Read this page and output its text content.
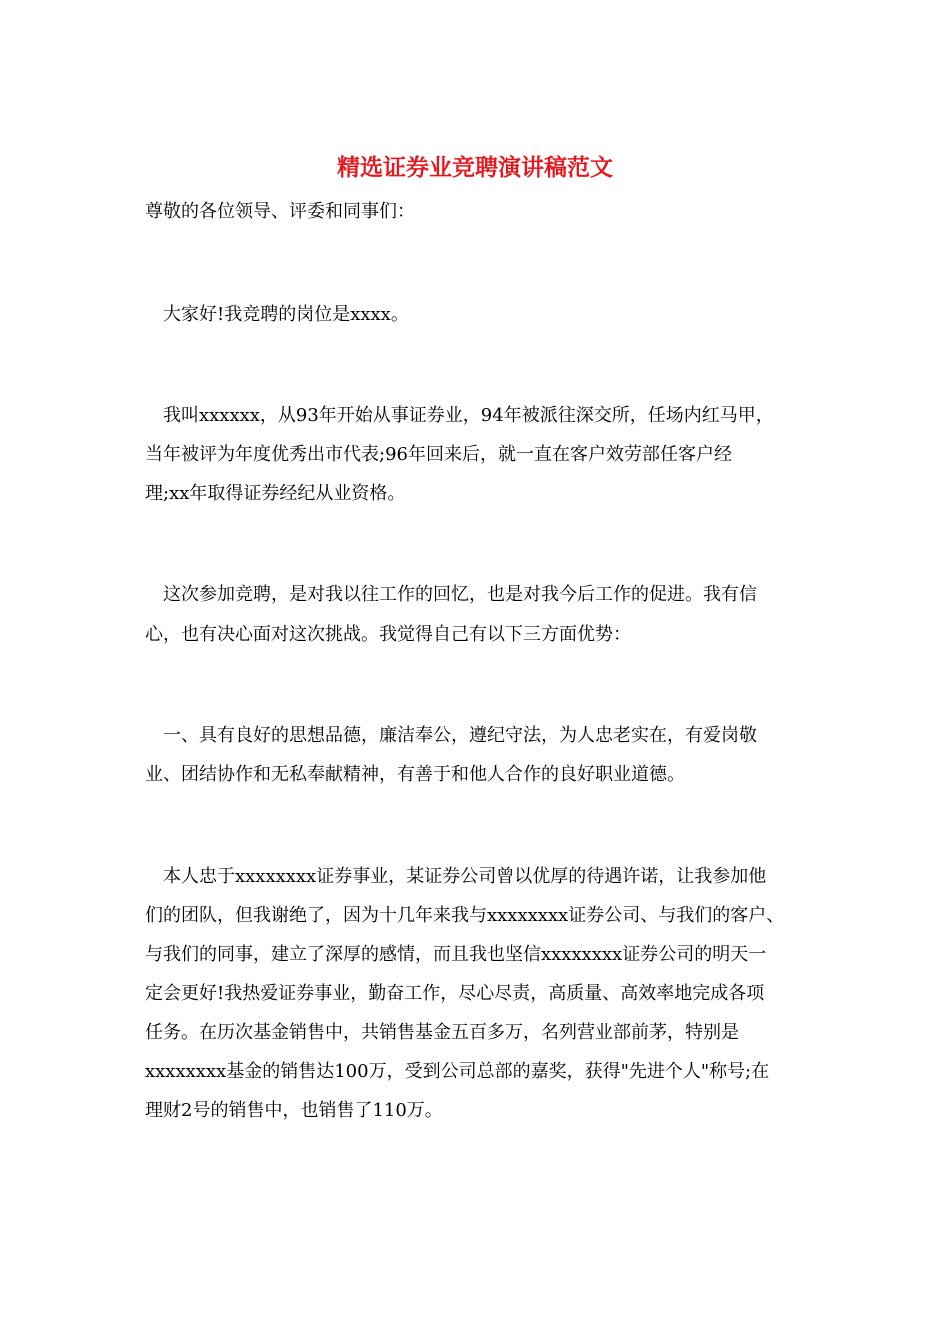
精选证券业竞聘演讲稿范文

尊敬的各位领导、评委和同事们：

　大家好!我竞聘的岗位是xxxx。

　我叫xxxxxx，从93年开始从事证券业，94年被派往深交所，任场内红马甲，

当年被评为年度优秀出市代表;96年回来后，就一直在客户效劳部任客户经

理;xx年取得证券经纪从业资格。

　这次参加竞聘，是对我以往工作的回忆，也是对我今后工作的促进。我有信

心，也有决心面对这次挑战。我觉得自己有以下三方面优势：

　一、具有良好的思想品德，廉洁奉公，遵纪守法，为人忠老实在，有爱岗敬

业、团结协作和无私奉献精神，有善于和他人合作的良好职业道德。

　本人忠于xxxxxxxx证券事业，某证券公司曾以优厚的待遇许诺，让我参加他

们的团队，但我谢绝了，因为十几年来我与xxxxxxxx证券公司、与我们的客户、

与我们的同事，建立了深厚的感情，而且我也坚信xxxxxxxx证券公司的明天一

定会更好!我热爱证券事业，勤奋工作，尽心尽责，高质量、高效率地完成各项

任务。在历次基金销售中，共销售基金五百多万，名列营业部前茅，特别是

xxxxxxxx基金的销售达100万，受到公司总部的嘉奖，获得"先进个人"称号;在

理财2号的销售中，也销售了110万。
